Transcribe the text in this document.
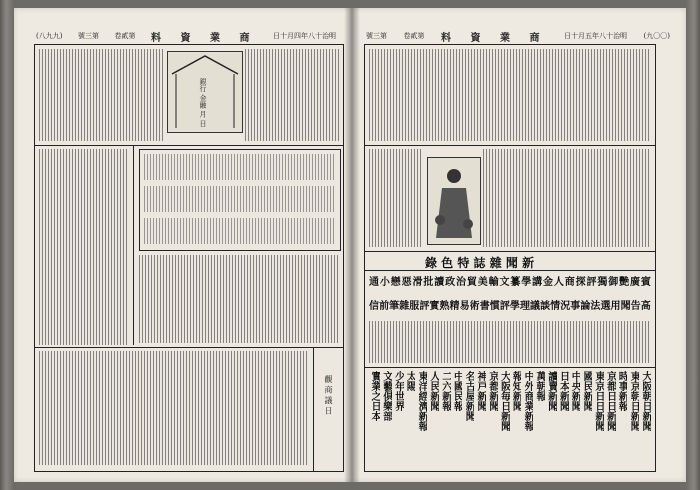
(八九九) 號三第 卷貳第 料 資 業 商 日十月四年八十治明
銀行 金融 月 日
觀 商 議 日
號三第 卷貳第 料 資 業 商 日十月五年八十治明 (九〇〇)
錄 色 特 誌 雜 聞 新
賓
廣
艷
御
獨
評
探
商
人
金
講
學
纂
文
輸
美
貿
治
政
讀
批
滑
惡
戀
小
通
高
告
聞
用
選
法
論
事
況
情
談
議
理
學
評
慣
書
術
易
精
熟
實
評
服
雜
筆
前
信
大阪朝日新聞
東京朝日新聞
時事新報
京都日日新聞
東京日日新聞
國民新聞
中央新聞
日本新聞
讀賣新聞
萬朝報
中外商業新報
報知新聞
大阪毎日新聞
京都新聞
神戸新聞
名古屋新聞
中國民報
二六新報
人民新聞
東洋經濟新報
太陽
少年世界
文藝倶樂部
實業之日本
